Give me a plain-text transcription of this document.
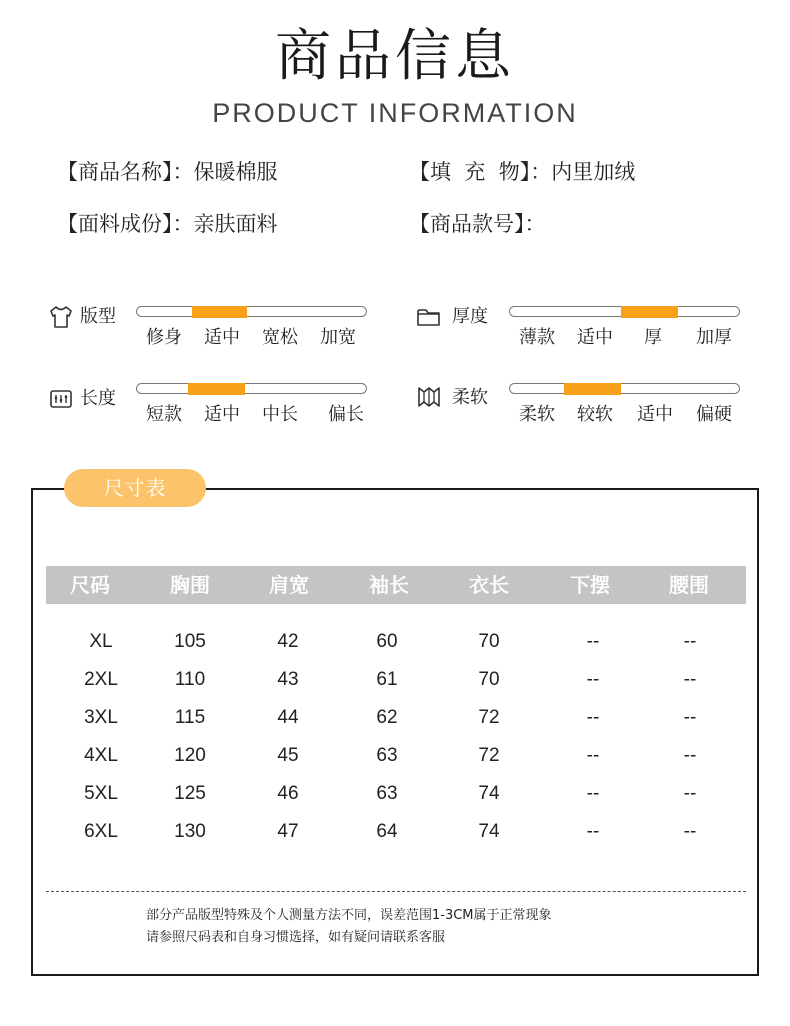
商品信息
PRODUCT INFORMATION
【商品名称】：保暖棉服	【填  充  物】：内里加绒
【面料成份】：亲肤面料	【商品款号】：
版型
修身 适中 宽松 加宽
厚度
薄款 适中 厚 加厚
长度
短款 适中 中长 偏长
柔软
柔软 较软 适中 偏硬
尺寸表
尺码	胸围	肩宽	袖长	衣长	下摆	腰围
XL	105	42	60	70	--	--
2XL	110	43	61	70	--	--
3XL	115	44	62	72	--	--
4XL	120	45	63	72	--	--
5XL	125	46	63	74	--	--
6XL	130	47	64	74	--	--
部分产品版型特殊及个人测量方法不同，误差范围1-3CM属于正常现象
请参照尺码表和自身习惯选择，如有疑问请联系客服
